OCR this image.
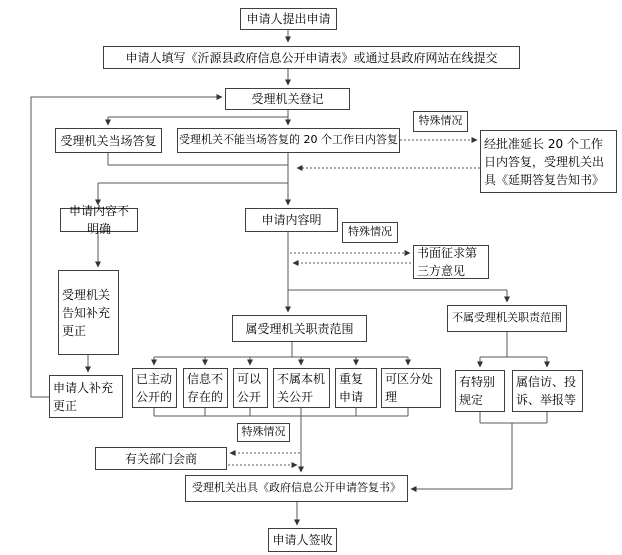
申请人提出申请
申请人填写《沂源县政府信息公开申请表》或通过县政府网站在线提交
受理机关登记
受理机关当场答复	受理机关不能当场答复的 20 个工作日内答复
特殊情况
经批准延长 20 个工作日内答复，受理机关出具《延期答复告知书》
申请内容不明确
申请内容明
特殊情况
书面征求第三方意见
受理机关告知补充更正
申请人补充更正
属受理机关职责范围
不属受理机关职责范围
已主动公开的
信息不存在的
可以公开
不属本机关公开
重复申请
可区分处理
有特别规定
属信访、投诉、举报等
有关部门会商
特殊情况
受理机关出具《政府信息公开申请答复书》
申请人签收
